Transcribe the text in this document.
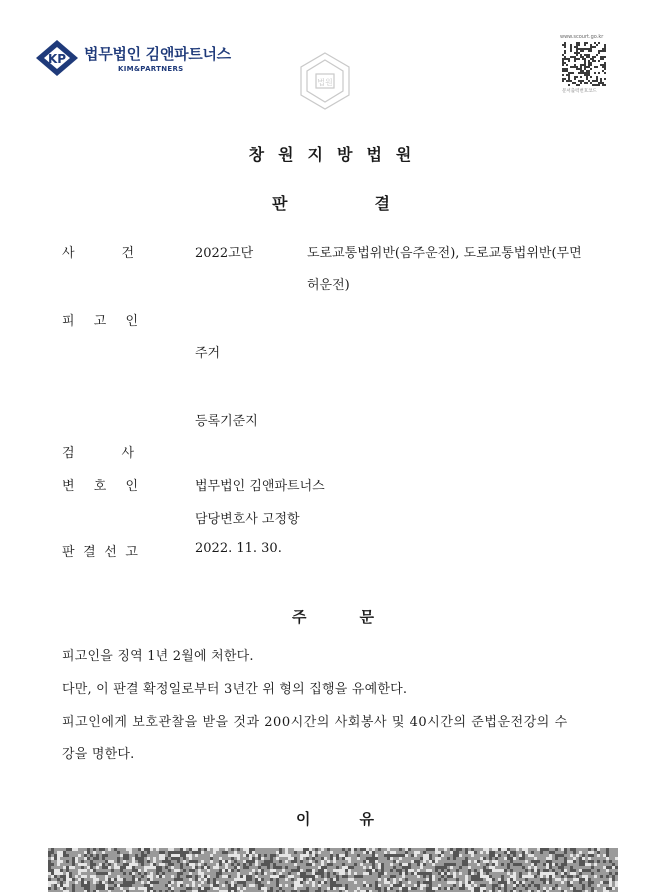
KP 법무법인 김앤파트너스
KIM&PARTNERS
법원
www.scourt.go.kr
문서출력번호코드
창원지방법원
판	결
사	건	2022고단	도로교통법위반(음주운전), 도로교통법위반(무면
허운전)
피 고 인
주거
등록기준지
검	사
변 호 인	법무법인 김앤파트너스
담당변호사 고정항
판 결 선 고	2022. 11. 30.
주	문
피고인을 징역 1년 2월에 처한다.
다만, 이 판결 확정일로부터 3년간 위 형의 집행을 유예한다.
피고인에게 보호관찰을 받을 것과 200시간의 사회봉사 및 40시간의 준법운전강의 수
강을 명한다.
이	유
